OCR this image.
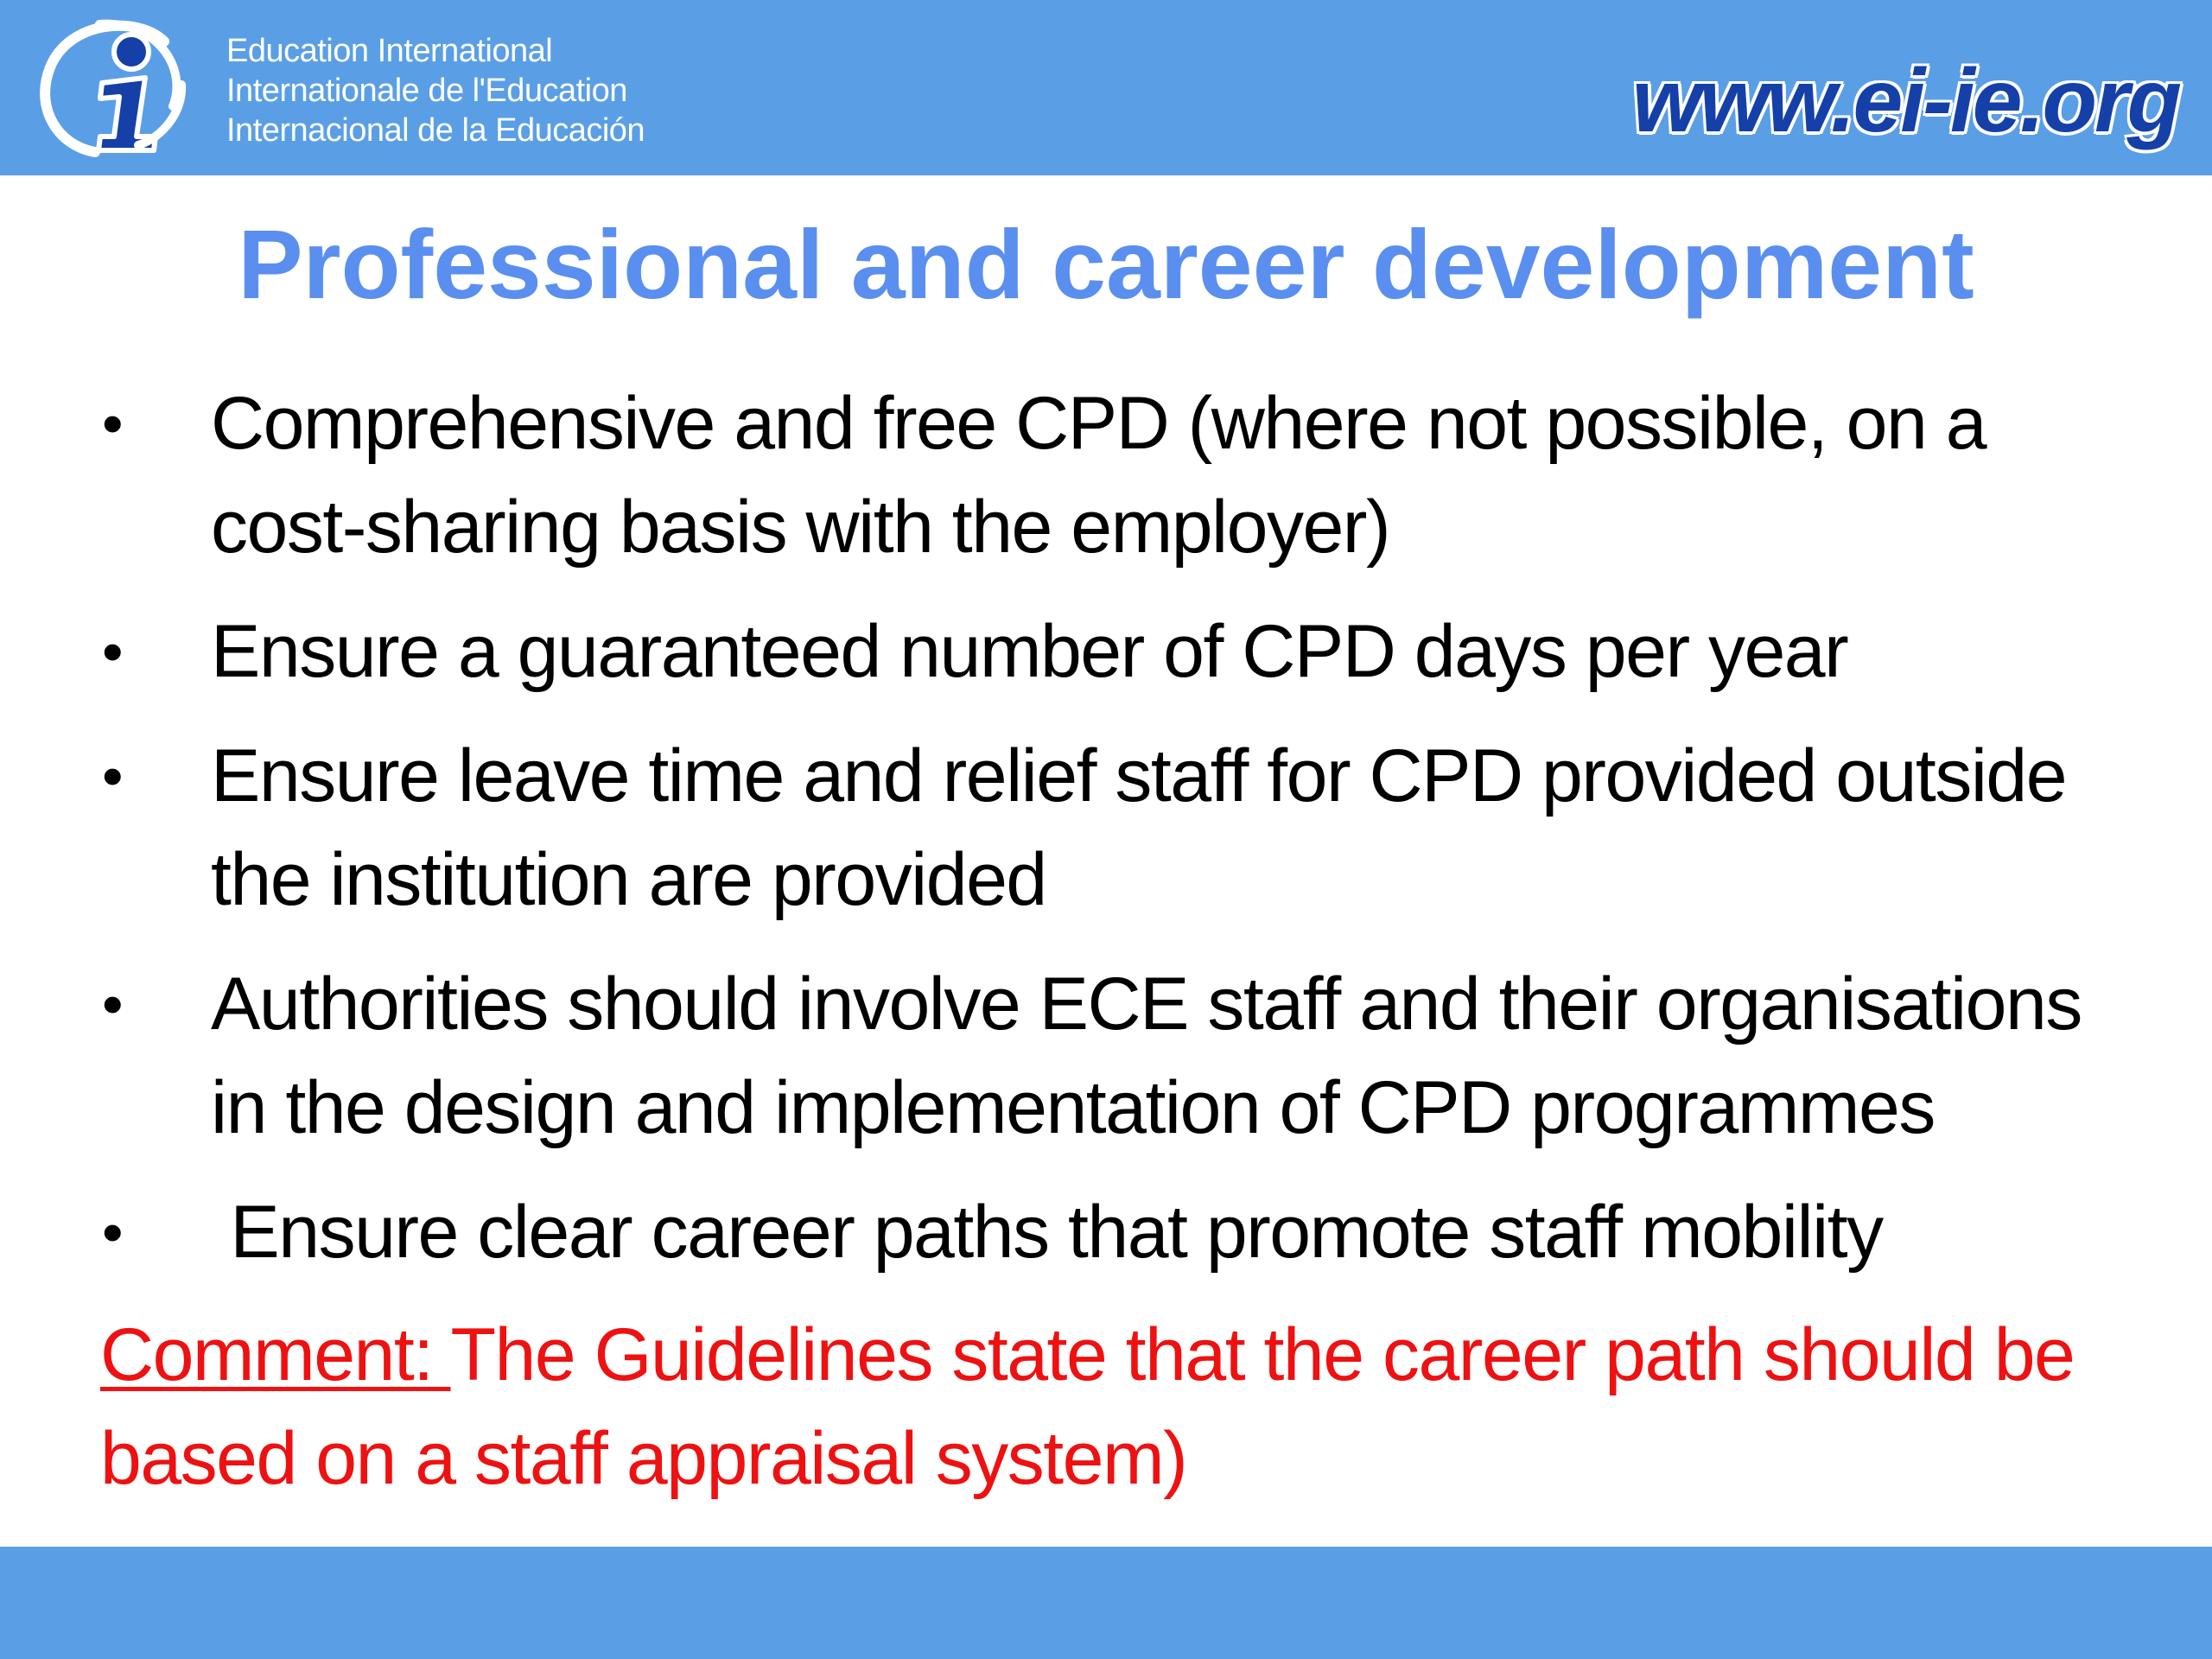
Education International
Internationale de l'Education
Internacional de la Educación	www.ei-ie.org
Professional and career development
• Comprehensive and free CPD (where not possible, on a cost-sharing basis with the employer)
• Ensure a guaranteed number of CPD days per year
• Ensure leave time and relief staff for CPD provided outside the institution are provided
• Authorities should involve ECE staff and their organisations in the design and implementation of CPD programmes
• Ensure clear career paths that promote staff mobility
Comment: The Guidelines state that the career path should be based on a staff appraisal system)
